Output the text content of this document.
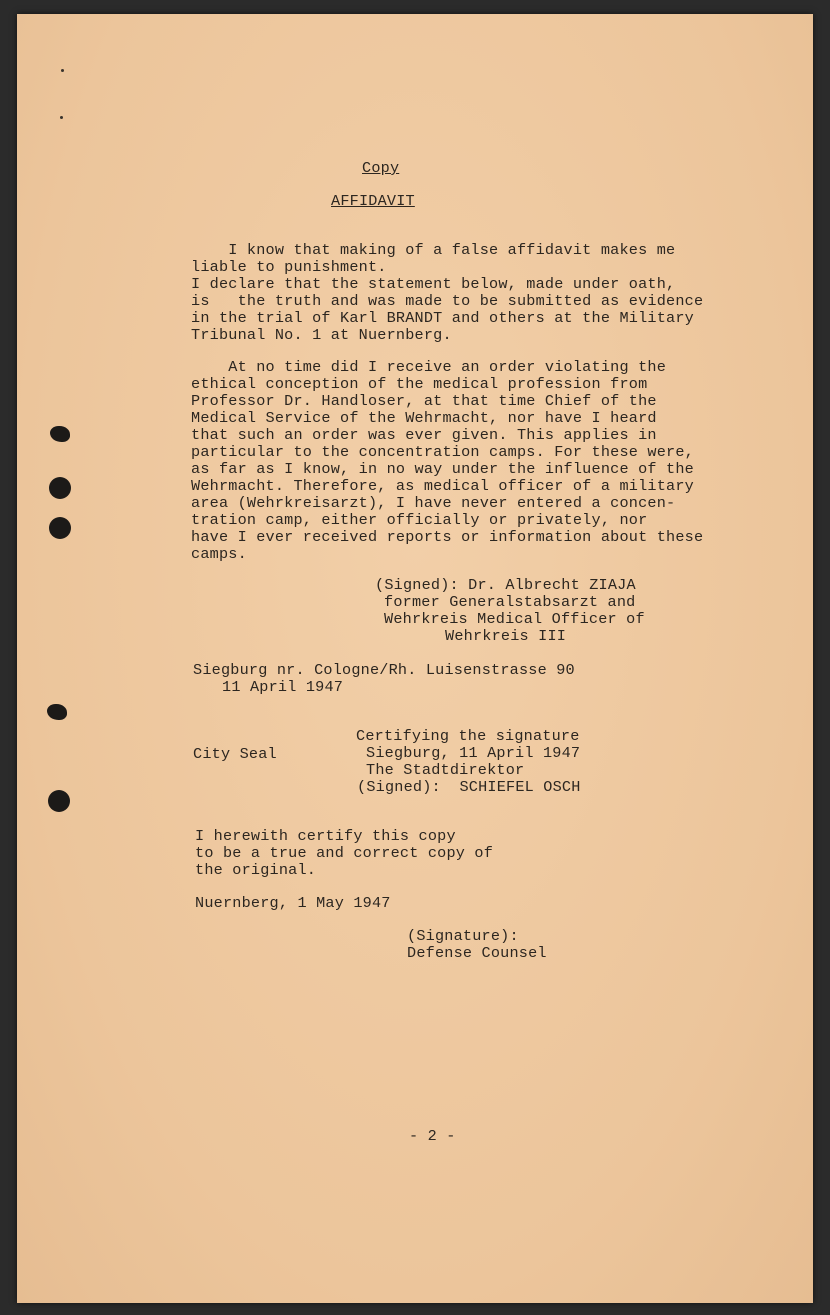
Copy
AFFIDAVIT
I know that making of a false affidavit makes me
liable to punishment.
I declare that the statement below, made under oath,
is   the truth and was made to be submitted as evidence
in the trial of Karl BRANDT and others at the Military
Tribunal No. 1 at Nuernberg.
At no time did I receive an order violating the
ethical conception of the medical profession from
Professor Dr. Handloser, at that time Chief of the
Medical Service of the Wehrmacht, nor have I heard
that such an order was ever given. This applies in
particular to the concentration camps. For these were,
as far as I know, in no way under the influence of the
Wehrmacht. Therefore, as medical officer of a military
area (Wehrkreisarzt), I have never entered a concen-
tration camp, either officially or privately, nor
have I ever received reports or information about these
camps.
(Signed): Dr. Albrecht ZIAJA
former Generalstabsarzt and
Wehrkreis Medical Officer of
Wehrkreis III
Siegburg nr. Cologne/Rh. Luisenstrasse 90
11 April 1947
City Seal
Certifying the signature
Siegburg, 11 April 1947
The Stadtdirektor
(Signed):  SCHIEFEL OSCH
I herewith certify this copy
to be a true and correct copy of
the original.
Nuernberg, 1 May 1947
(Signature):
Defense Counsel
- 2 -
